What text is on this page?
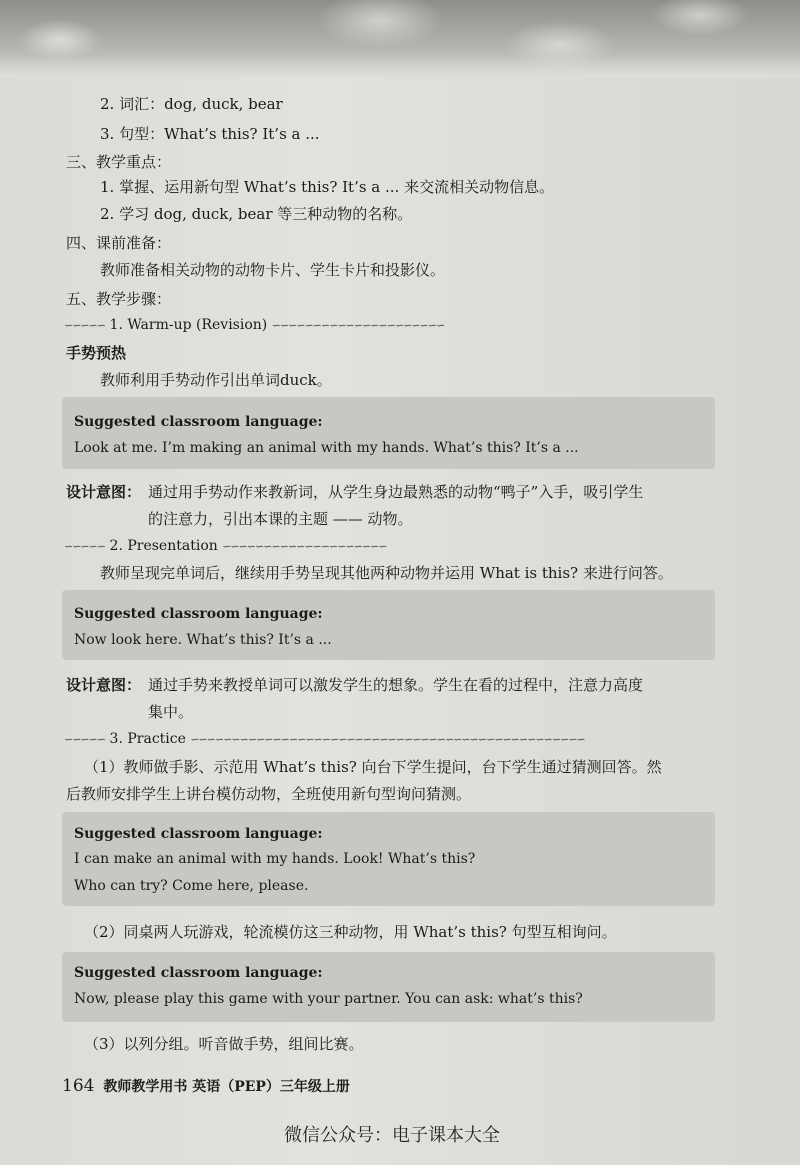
2. 词汇：dog, duck, bear
3. 句型：What’s this? It’s a ...
三、教学重点：
1. 掌握、运用新句型 What’s this? It’s a ... 来交流相关动物信息。
2. 学习 dog, duck, bear 等三种动物的名称。
四、课前准备：
教师准备相关动物的动物卡片、学生卡片和投影仪。
五、教学步骤：
∽∽∽∽∽ 1. Warm-up (Revision) ∽∽∽∽∽∽∽∽∽∽∽∽∽∽∽∽∽∽∽∽∽
手势预热
教师利用手势动作引出单词duck。
Suggested classroom language:
Look at me. I’m making an animal with my hands. What’s this? It’s a ...
设计意图： 通过用手势动作来教新词，从学生身边最熟悉的动物“鸭子”入手，吸引学生
的注意力，引出本课的主题 —— 动物。
∽∽∽∽∽ 2. Presentation ∽∽∽∽∽∽∽∽∽∽∽∽∽∽∽∽∽∽∽∽
教师呈现完单词后，继续用手势呈现其他两种动物并运用 What is this? 来进行问答。
Suggested classroom language:
Now look here. What’s this? It’s a ...
设计意图： 通过手势来教授单词可以激发学生的想象。学生在看的过程中，注意力高度
集中。
∽∽∽∽∽ 3. Practice ∽∽∽∽∽∽∽∽∽∽∽∽∽∽∽∽∽∽∽∽∽∽∽∽∽∽∽∽∽∽∽∽∽∽∽∽∽∽∽∽∽∽∽∽∽∽∽∽
（1）教师做手影、示范用 What’s this? 向台下学生提问，台下学生通过猜测回答。然
后教师安排学生上讲台模仿动物，全班使用新句型询问猜测。
Suggested classroom language:
I can make an animal with my hands. Look! What’s this?
Who can try? Come here, please.
（2）同桌两人玩游戏，轮流模仿这三种动物，用 What’s this? 句型互相询问。
Suggested classroom language:
Now, please play this game with your partner. You can ask: what’s this?
（3）以列分组。听音做手势，组间比赛。
164 教师教学用书 英语（PEP）三年级上册
微信公众号：电子课本大全
